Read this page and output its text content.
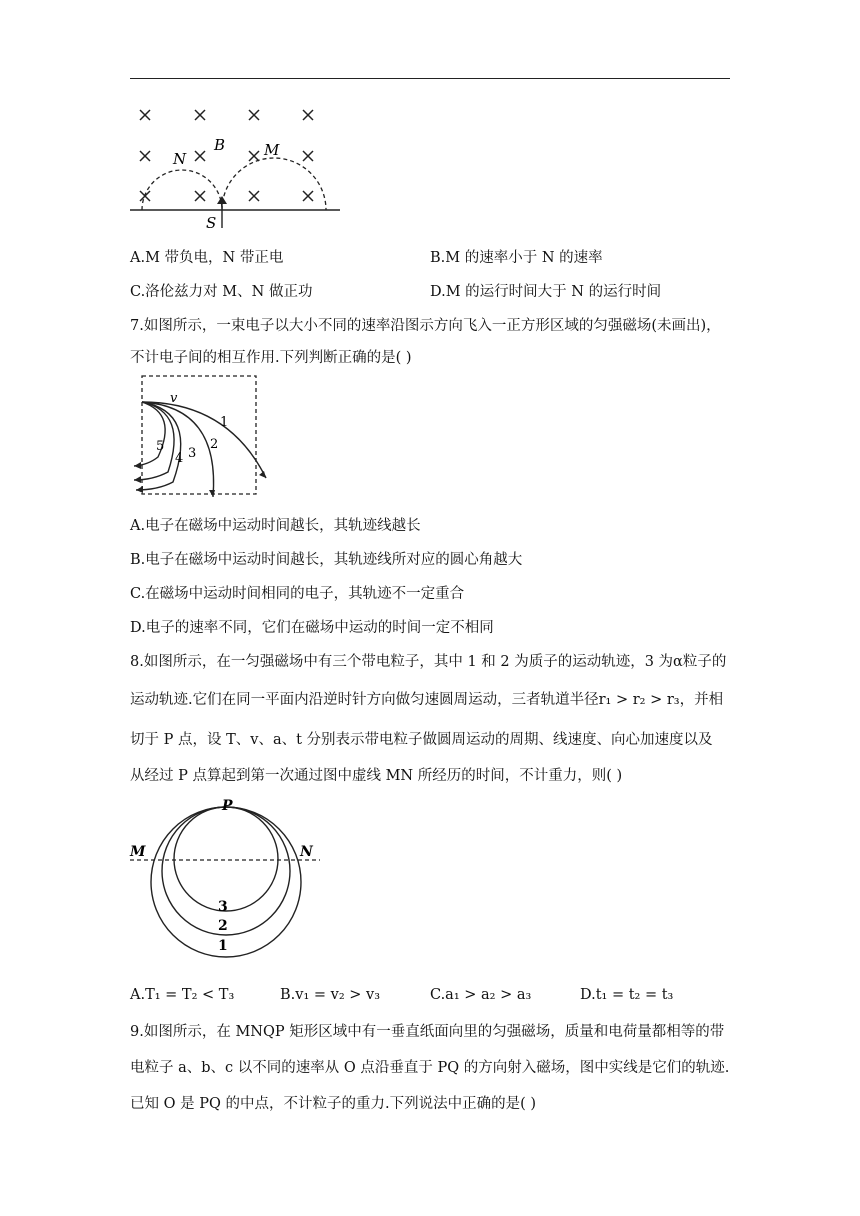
N
B	M
S
A.M 带负电，N 带正电	B.M 的速率小于 N 的速率
C.洛伦兹力对 M、N 做正功	D.M 的运行时间大于 N 的运行时间
7.如图所示，一束电子以大小不同的速率沿图示方向飞入一正方形区域的匀强磁场(未画出)，
不计电子间的相互作用.下列判断正确的是( )
v
1
2
3
4
5
A.电子在磁场中运动时间越长，其轨迹线越长
B.电子在磁场中运动时间越长，其轨迹线所对应的圆心角越大
C.在磁场中运动时间相同的电子，其轨迹不一定重合
D.电子的速率不同，它们在磁场中运动的时间一定不相同
8.如图所示，在一匀强磁场中有三个带电粒子，其中 1 和 2 为质子的运动轨迹，3 为α粒子的
运动轨迹.它们在同一平面内沿逆时针方向做匀速圆周运动，三者轨道半径r₁ > r₂ > r₃，并相
切于 P 点，设 T、v、a、t 分别表示带电粒子做圆周运动的周期、线速度、向心加速度以及
从经过 P 点算起到第一次通过图中虚线 MN 所经历的时间，不计重力，则( )
P
M	N
3
2
1
A.T₁ = T₂ < T₃	B.v₁ = v₂ > v₃	C.a₁ > a₂ > a₃	D.t₁ = t₂ = t₃
9.如图所示，在 MNQP 矩形区域中有一垂直纸面向里的匀强磁场，质量和电荷量都相等的带
电粒子 a、b、c 以不同的速率从 O 点沿垂直于 PQ 的方向射入磁场，图中实线是它们的轨迹.
已知 O 是 PQ 的中点，不计粒子的重力.下列说法中正确的是( )
